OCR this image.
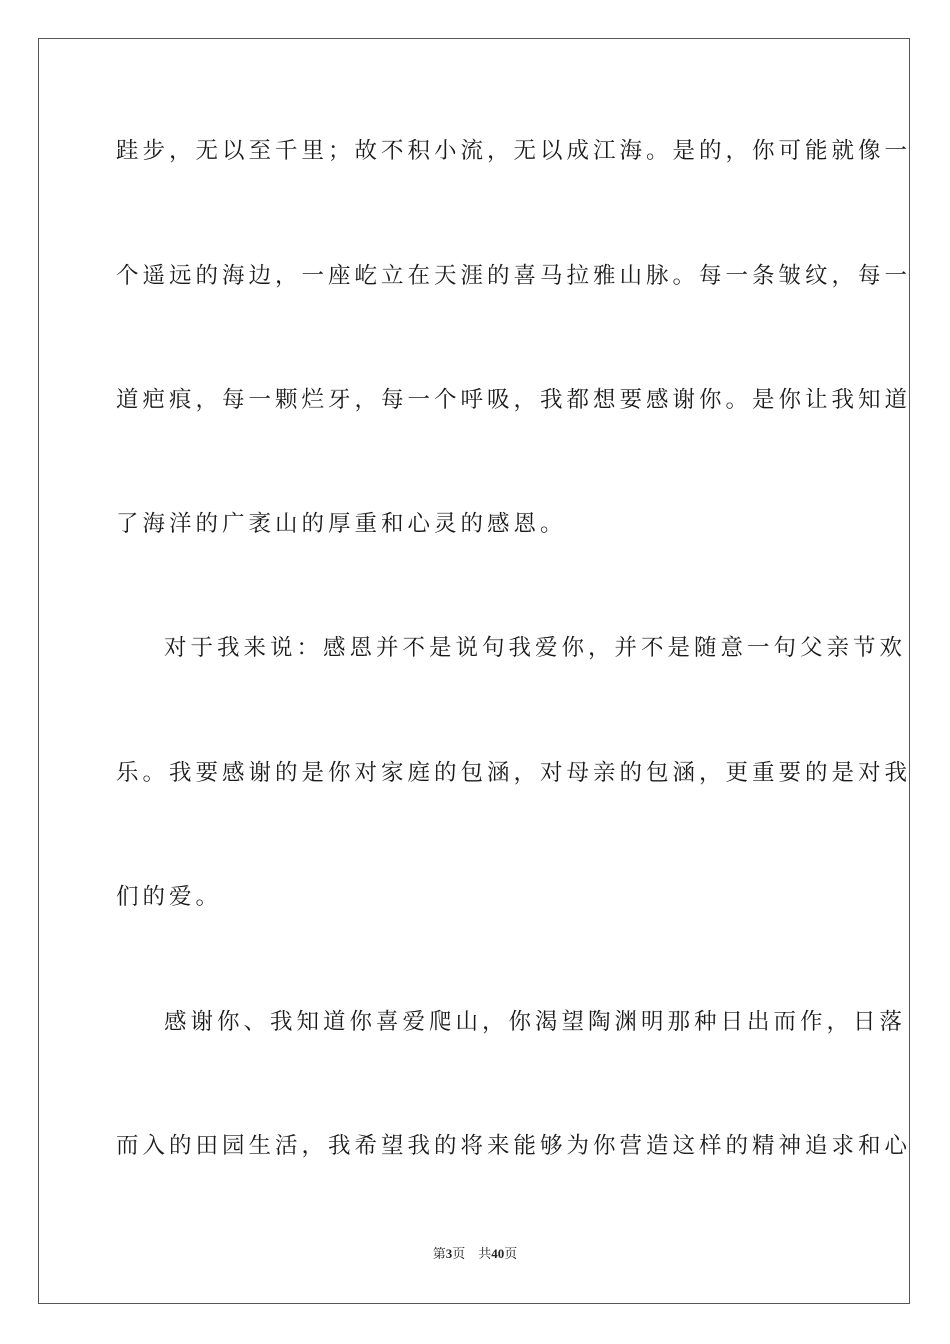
跬步，无以至千里；故不积小流，无以成江海。是的，你可能就像一

个遥远的海边，一座屹立在天涯的喜马拉雅山脉。每一条皱纹，每一

道疤痕，每一颗烂牙，每一个呼吸，我都想要感谢你。是你让我知道

了海洋的广袤山的厚重和心灵的感恩。

对于我来说：感恩并不是说句我爱你，并不是随意一句父亲节欢

乐。我要感谢的是你对家庭的包涵，对母亲的包涵，更重要的是对我

们的爱。

感谢你、我知道你喜爱爬山，你渴望陶渊明那种日出而作，日落

而入的田园生活，我希望我的将来能够为你营造这样的精神追求和心

第3页 共40页
